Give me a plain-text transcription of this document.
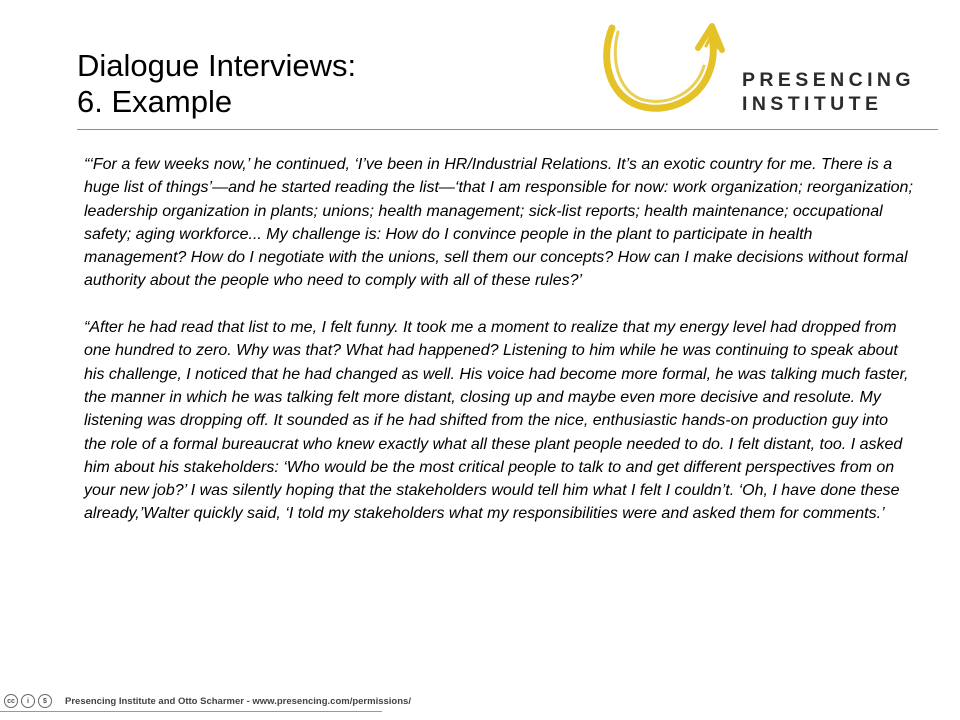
Dialogue Interviews:
6. Example
PRESENCING
INSTITUTE

“‘For a few weeks now,’ he continued, ‘I’ve been in HR/Industrial Relations. It’s an exotic country for me. There is a huge list of things’—and he started reading the list—‘that I am responsible for now: work organization; reorganization; leadership organization in plants; unions; health management; sick-list reports; health maintenance; occupational safety; aging workforce... My challenge is: How do I convince people in the plant to participate in health management? How do I negotiate with the unions, sell them our concepts? How can I make decisions without formal authority about the people who need to comply with all of these rules?’

“After he had read that list to me, I felt funny. It took me a moment to realize that my energy level had dropped from one hundred to zero. Why was that? What had happened? Listening to him while he was continuing to speak about his challenge, I noticed that he had changed as well. His voice had become more formal, he was talking much faster, the manner in which he was talking felt more distant, closing up and maybe even more decisive and resolute. My listening was dropping off. It sounded as if he had shifted from the nice, enthusiastic hands-on production guy into the role of a formal bureaucrat who knew exactly what all these plant people needed to do. I felt distant, too. I asked him about his stakeholders: ‘Who would be the most critical people to talk to and get different perspectives from on your new job?’ I was silently hoping that the stakeholders would tell him what I felt I couldn’t. ‘Oh, I have done these already,’Walter quickly said, ‘I told my stakeholders what my responsibilities were and asked them for comments.’

cc	i	$	Presencing Institute and Otto Scharmer - www.presencing.com/permissions/
